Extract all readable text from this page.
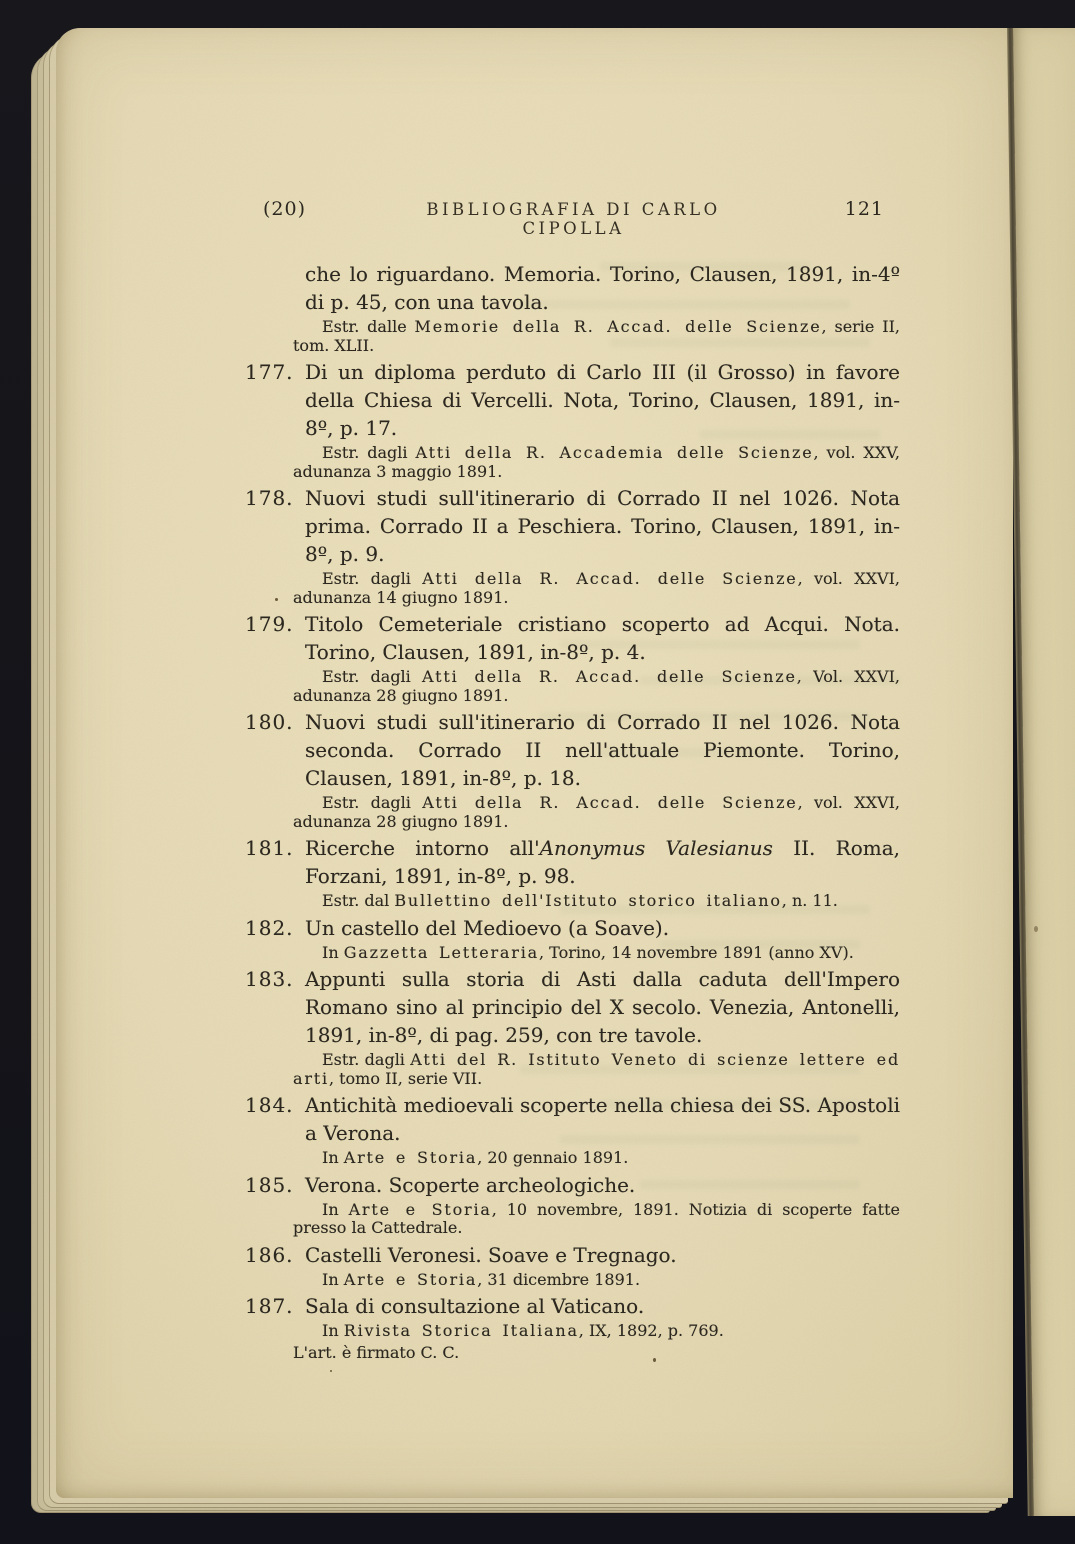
(20)	BIBLIOGRAFIA DI CARLO CIPOLLA
121
che lo riguardano. Memoria. Torino, Clausen, 1891, in-4º di p. 45, con una tavola.
Estr. dalle Memorie della R. Accad. delle Scienze, serie II, tom. XLII.
177. Di un diploma perduto di Carlo III (il Grosso) in favore della Chiesa di Vercelli. Nota, Torino, Clausen, 1891, in-8º, p. 17.
Estr. dagli Atti della R. Accademia delle Scienze, vol. XXV, adunanza 3 maggio 1891.
178. Nuovi studi sull'itinerario di Corrado II nel 1026. Nota prima. Corrado II a Peschiera. Torino, Clausen, 1891, in-8º, p. 9.
Estr. dagli Atti della R. Accad. delle Scienze, vol. XXVI, adunanza 14 giugno 1891.
179. Titolo Cemeteriale cristiano scoperto ad Acqui. Nota. Torino, Clausen, 1891, in-8º, p. 4.
Estr. dagli Atti della R. Accad. delle Scienze, Vol. XXVI, adunanza 28 giugno 1891.
180. Nuovi studi sull'itinerario di Corrado II nel 1026. Nota seconda. Corrado II nell'attuale Piemonte. Torino, Clausen, 1891, in-8º, p. 18.
Estr. dagli Atti della R. Accad. delle Scienze, vol. XXVI, adunanza 28 giugno 1891.
181. Ricerche intorno all'Anonymus Valesianus II. Roma, Forzani, 1891, in-8º, p. 98.
Estr. dal Bullettino dell'Istituto storico italiano, n. 11.
182. Un castello del Medioevo (a Soave).
In Gazzetta Letteraria, Torino, 14 novembre 1891 (anno XV).
183. Appunti sulla storia di Asti dalla caduta dell'Impero Romano sino al principio del X secolo. Venezia, Antonelli, 1891, in-8º, di pag. 259, con tre tavole.
Estr. dagli Atti del R. Istituto Veneto di scienze lettere ed arti, tomo II, serie VII.
184. Antichità medioevali scoperte nella chiesa dei SS. Apostoli a Verona.
In Arte e Storia, 20 gennaio 1891.
185. Verona. Scoperte archeologiche.
In Arte e Storia, 10 novembre, 1891. Notizia di scoperte fatte presso la Cattedrale.
186. Castelli Veronesi. Soave e Tregnago.
In Arte e Storia, 31 dicembre 1891.
187. Sala di consultazione al Vaticano.
In Rivista Storica Italiana, IX, 1892, p. 769.
L'art. è firmato C. C.
